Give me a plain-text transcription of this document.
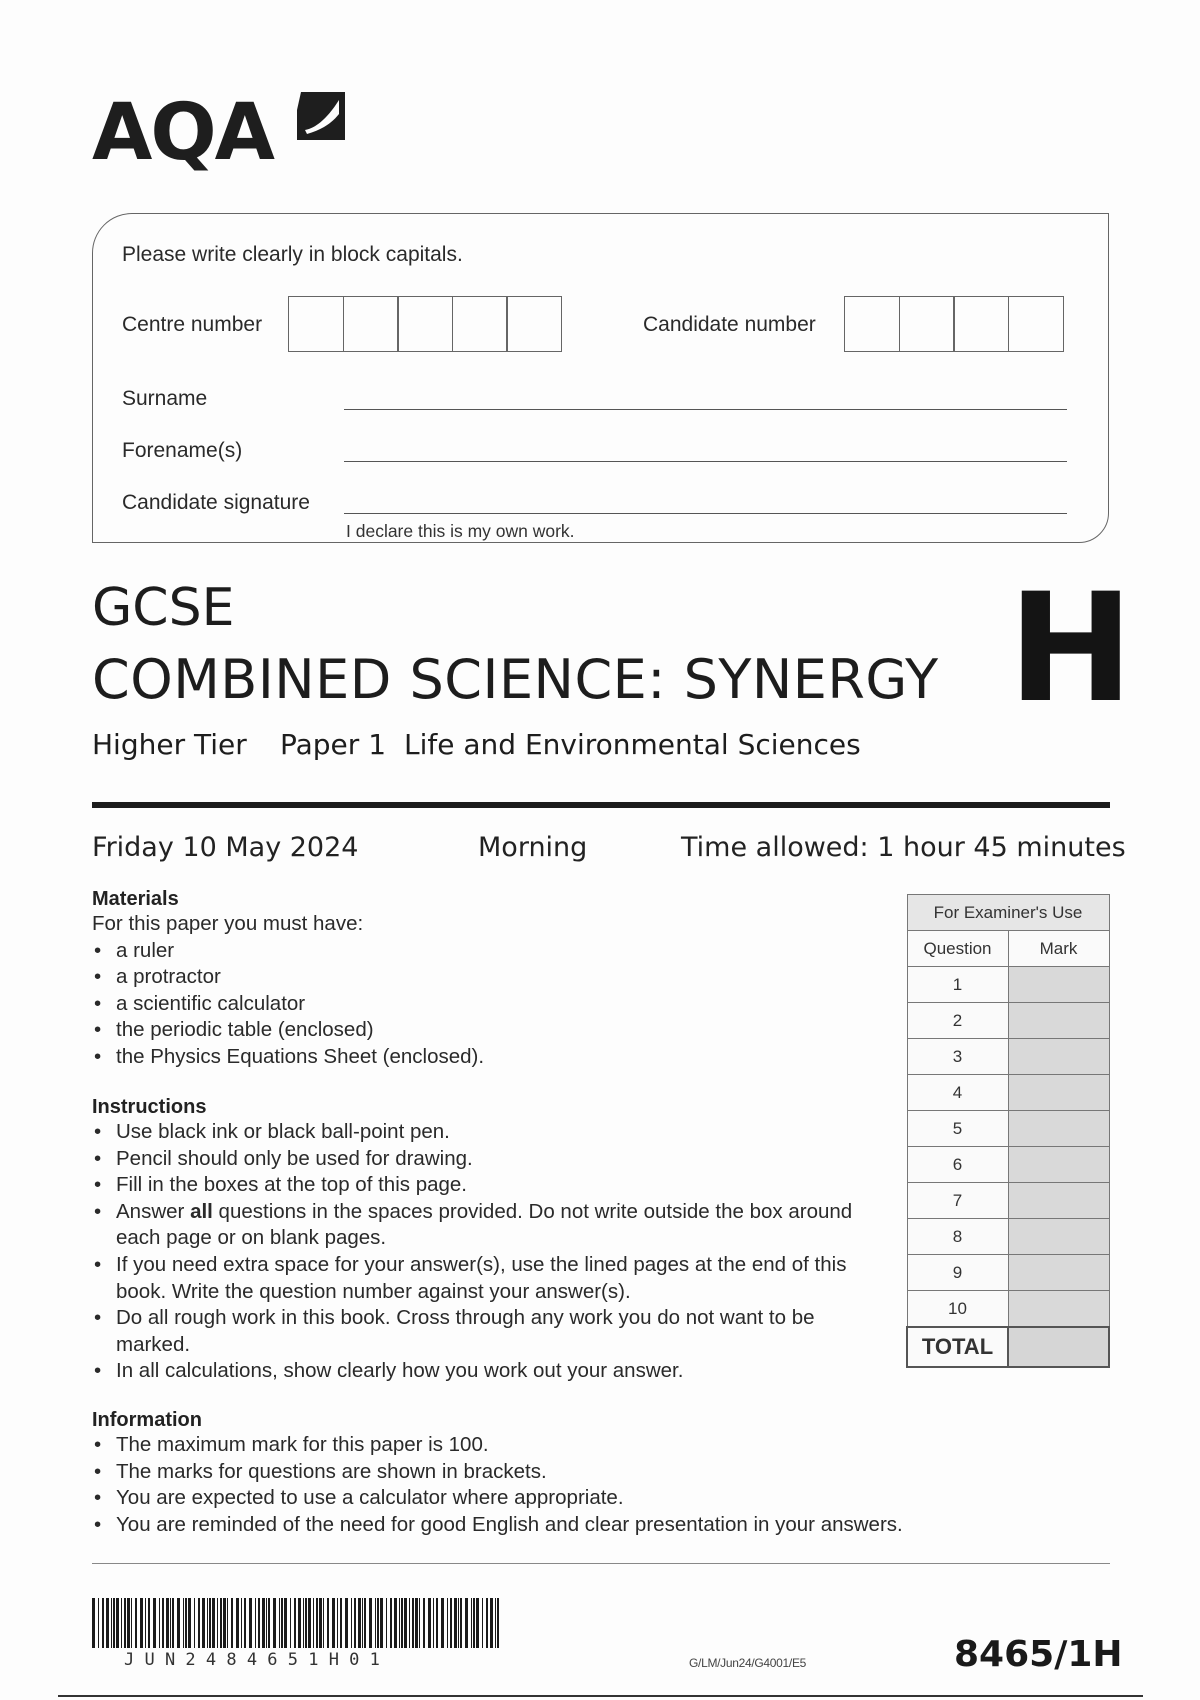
AQA
Please write clearly in block capitals.
Centre number	Candidate number
Surname
Forename(s)
Candidate signature
I declare this is my own work.
GCSE
COMBINED SCIENCE: SYNERGY
Higher Tier Paper 1 Life and Environmental Sciences
H
Friday 10 May 2024	Morning	Time allowed: 1 hour 45 minutes
Materials
For this paper you must have:
• a ruler
• a protractor
• a scientific calculator
• the periodic table (enclosed)
• the Physics Equations Sheet (enclosed).
Instructions
• Use black ink or black ball-point pen.
• Pencil should only be used for drawing.
• Fill in the boxes at the top of this page.
• Answer all questions in the spaces provided. Do not write outside the box around each page or on blank pages.
• If you need extra space for your answer(s), use the lined pages at the end of this book. Write the question number against your answer(s).
• Do all rough work in this book. Cross through any work you do not want to be marked.
• In all calculations, show clearly how you work out your answer.
Information
• The maximum mark for this paper is 100.
• The marks for questions are shown in brackets.
• You are expected to use a calculator where appropriate.
• You are reminded of the need for good English and clear presentation in your answers.
For Examiner's Use	
Question	Mark
1	
2	
3	
4	
5	
6	
7	
8	
9	
10	
TOTAL	
J U N 2 4 8 4 6 5 1 H 0 1	G/LM/Jun24/G4001/E5	8465/1H
